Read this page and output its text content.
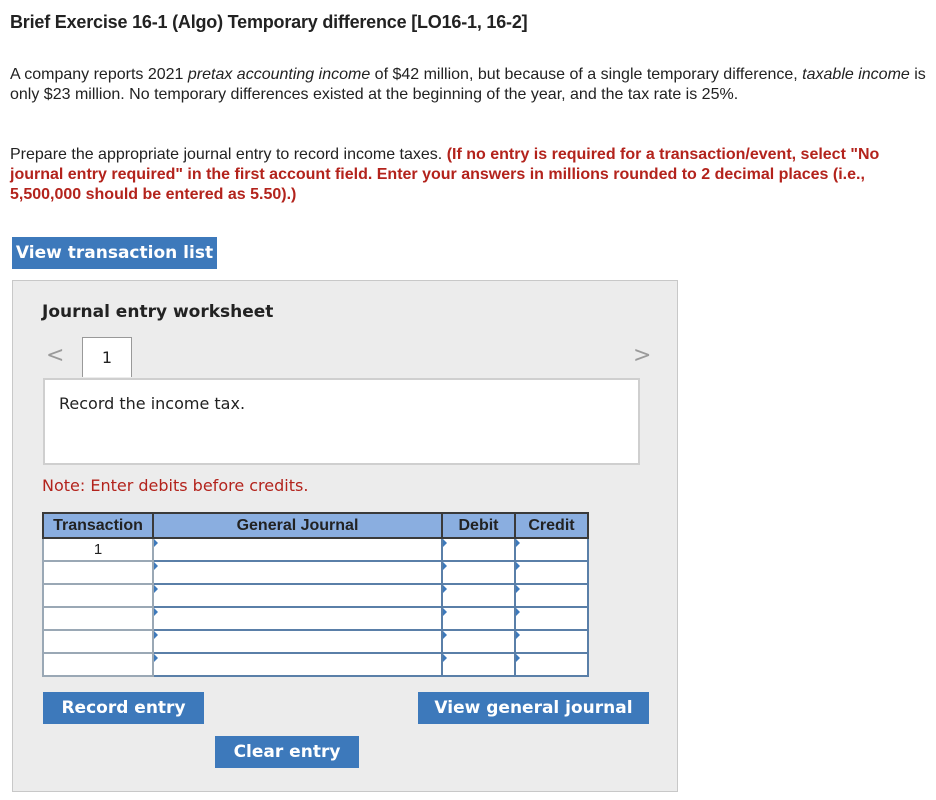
Brief Exercise 16-1 (Algo) Temporary difference [LO16-1, 16-2]
A company reports 2021 pretax accounting income of $42 million, but because of a single temporary difference, taxable income is only $23 million. No temporary differences existed at the beginning of the year, and the tax rate is 25%.
Prepare the appropriate journal entry to record income taxes. (If no entry is required for a transaction/event, select "No journal entry required" in the first account field. Enter your answers in millions rounded to 2 decimal places (i.e., 5,500,000 should be entered as 5.50).)
View transaction list
Journal entry worksheet
<	1	>
Record the income tax.
Note: Enter debits before credits.
Transaction	General Journal	Debit	Credit
1	

Record entry	View general journal
Clear entry
